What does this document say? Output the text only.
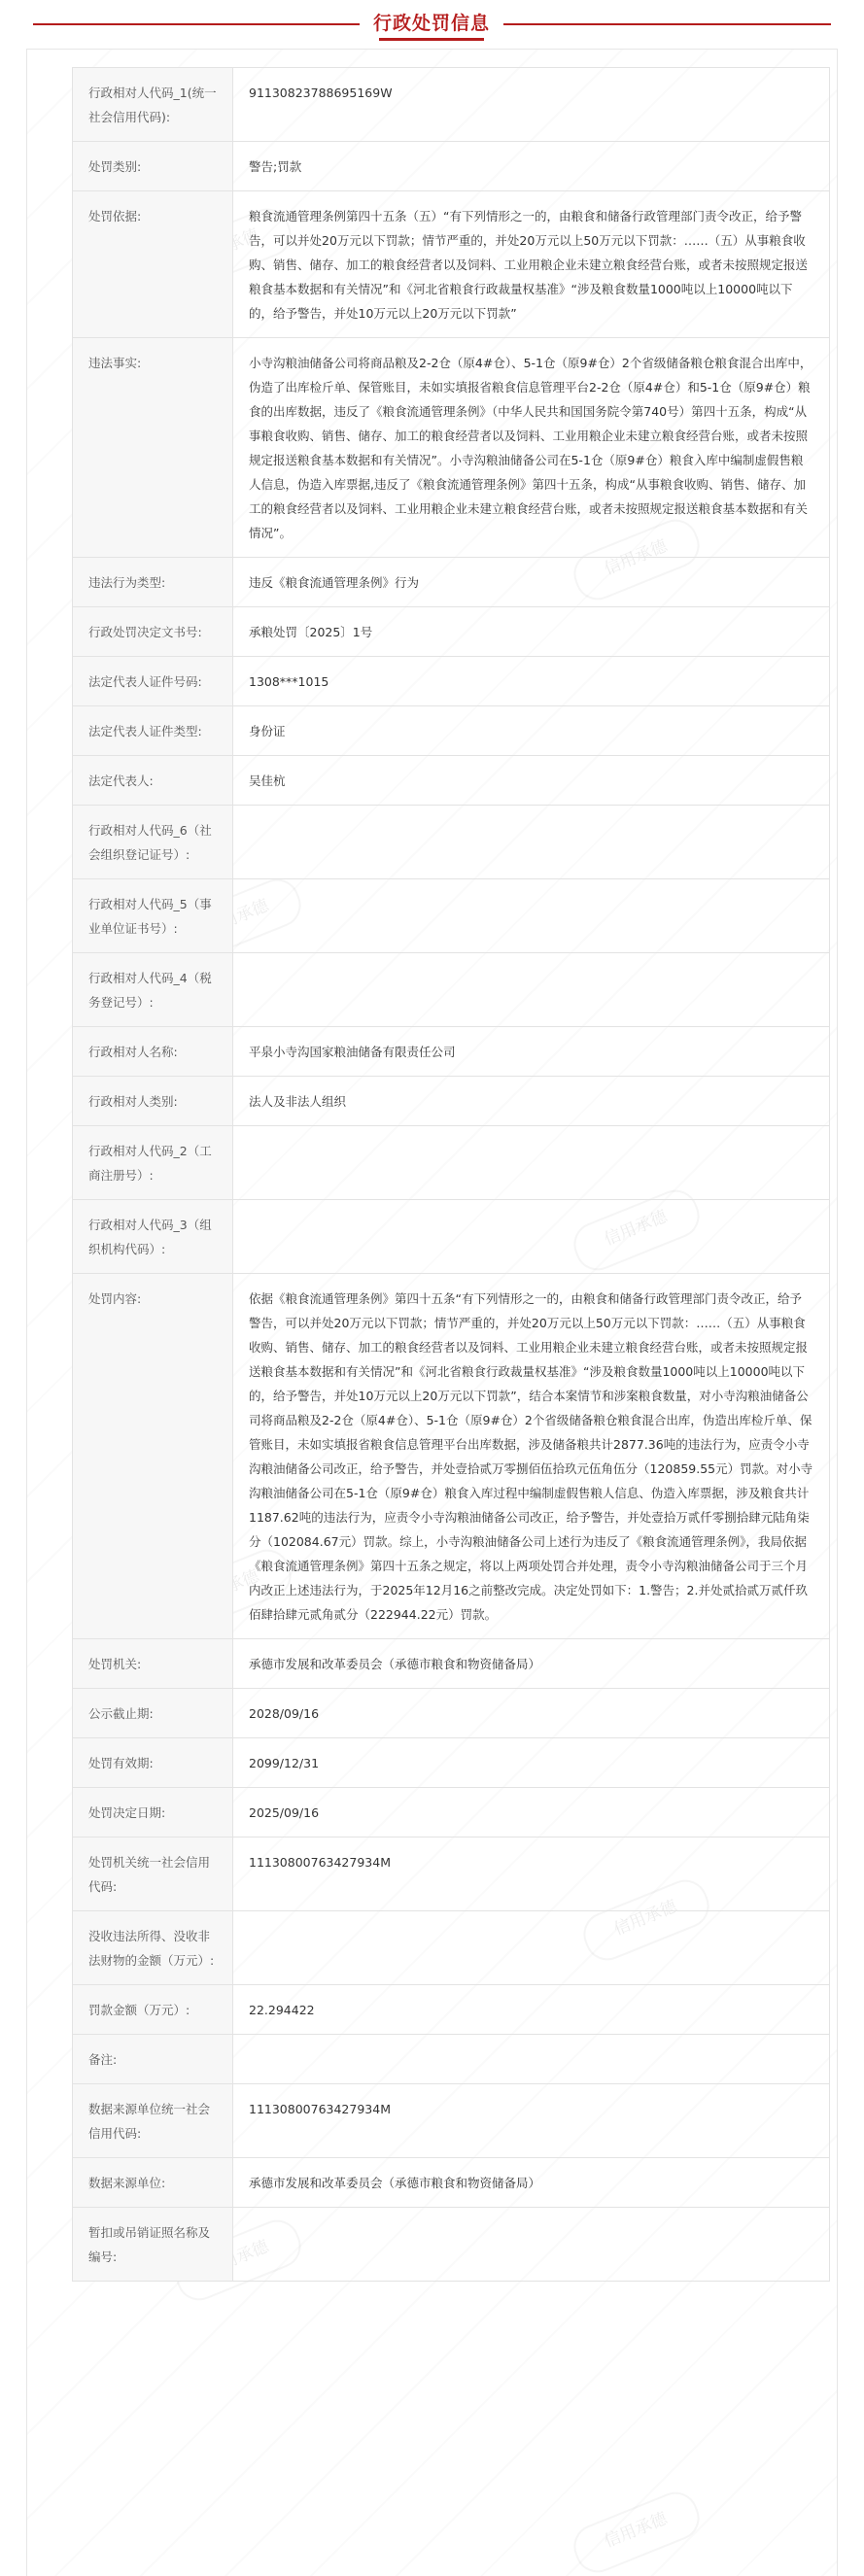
行政处罚信息
信用承德
信用承德
信用承德
信用承德
信用承德
信用承德
行政相对人代码_1(统一社会信用代码):	91130823788695169W
处罚类别:	警告;罚款
处罚依据:	粮食流通管理条例第四十五条（五）“有下列情形之一的，由粮食和储备行政管理部门责令改正，给予警告，可以并处20万元以下罚款；情节严重的，并处20万元以上50万元以下罚款：……（五）从事粮食收购、销售、储存、加工的粮食经营者以及饲料、工业用粮企业未建立粮食经营台账，或者未按照规定报送粮食基本数据和有关情况”和《河北省粮食行政裁量权基准》“涉及粮食数量1000吨以上10000吨以下的，给予警告，并处10万元以上20万元以下罚款”
违法事实:	小寺沟粮油储备公司将商品粮及2-2仓（原4#仓）、5-1仓（原9#仓）2个省级储备粮仓粮食混合出库中，伪造了出库检斤单、保管账目，未如实填报省粮食信息管理平台2-2仓（原4#仓）和5-1仓（原9#仓）粮食的出库数据，违反了《粮食流通管理条例》（中华人民共和国国务院令第740号）第四十五条，构成“从事粮食收购、销售、储存、加工的粮食经营者以及饲料、工业用粮企业未建立粮食经营台账，或者未按照规定报送粮食基本数据和有关情况”。小寺沟粮油储备公司在5-1仓（原9#仓）粮食入库中编制虚假售粮人信息，伪造入库票据,违反了《粮食流通管理条例》第四十五条，构成“从事粮食收购、销售、储存、加工的粮食经营者以及饲料、工业用粮企业未建立粮食经营台账，或者未按照规定报送粮食基本数据和有关情况”。
违法行为类型:	违反《粮食流通管理条例》行为
行政处罚决定文书号:	承粮处罚〔2025〕1号
法定代表人证件号码:	1308***1015
法定代表人证件类型:	身份证
法定代表人:	吴佳杭
行政相对人代码_6（社会组织登记证号）:	
行政相对人代码_5（事业单位证书号）:	
行政相对人代码_4（税务登记号）:	
行政相对人名称:	平泉小寺沟国家粮油储备有限责任公司
行政相对人类别:	法人及非法人组织
行政相对人代码_2（工商注册号）:	
行政相对人代码_3（组织机构代码）:	
处罚内容:	依据《粮食流通管理条例》第四十五条“有下列情形之一的，由粮食和储备行政管理部门责令改正，给予警告，可以并处20万元以下罚款；情节严重的，并处20万元以上50万元以下罚款：……（五）从事粮食收购、销售、储存、加工的粮食经营者以及饲料、工业用粮企业未建立粮食经营台账，或者未按照规定报送粮食基本数据和有关情况”和《河北省粮食行政裁量权基准》“涉及粮食数量1000吨以上10000吨以下的，给予警告，并处10万元以上20万元以下罚款”，结合本案情节和涉案粮食数量，对小寺沟粮油储备公司将商品粮及2-2仓（原4#仓）、5-1仓（原9#仓）2个省级储备粮仓粮食混合出库，伪造出库检斤单、保管账目，未如实填报省粮食信息管理平台出库数据，涉及储备粮共计2877.36吨的违法行为，应责令小寺沟粮油储备公司改正，给予警告，并处壹拾贰万零捌佰伍拾玖元伍角伍分（120859.55元）罚款。对小寺沟粮油储备公司在5-1仓（原9#仓）粮食入库过程中编制虚假售粮人信息、伪造入库票据，涉及粮食共计1187.62吨的违法行为，应责令小寺沟粮油储备公司改正，给予警告，并处壹拾万贰仟零捌拾肆元陆角柒分（102084.67元）罚款。综上，小寺沟粮油储备公司上述行为违反了《粮食流通管理条例》，我局依据《粮食流通管理条例》第四十五条之规定，将以上两项处罚合并处理，责令小寺沟粮油储备公司于三个月内改正上述违法行为，于2025年12月16之前整改完成。决定处罚如下：1.警告；2.并处贰拾贰万贰仟玖佰肆拾肆元贰角贰分（222944.22元）罚款。
处罚机关:	承德市发展和改革委员会（承德市粮食和物资储备局）
公示截止期:	2028/09/16
处罚有效期:	2099/12/31
处罚决定日期:	2025/09/16
处罚机关统一社会信用代码:	11130800763427934M
没收违法所得、没收非法财物的金额（万元）:	
罚款金额（万元）:	22.294422
备注:	
数据来源单位统一社会信用代码:	11130800763427934M
数据来源单位:	承德市发展和改革委员会（承德市粮食和物资储备局）
暂扣或吊销证照名称及编号:	
